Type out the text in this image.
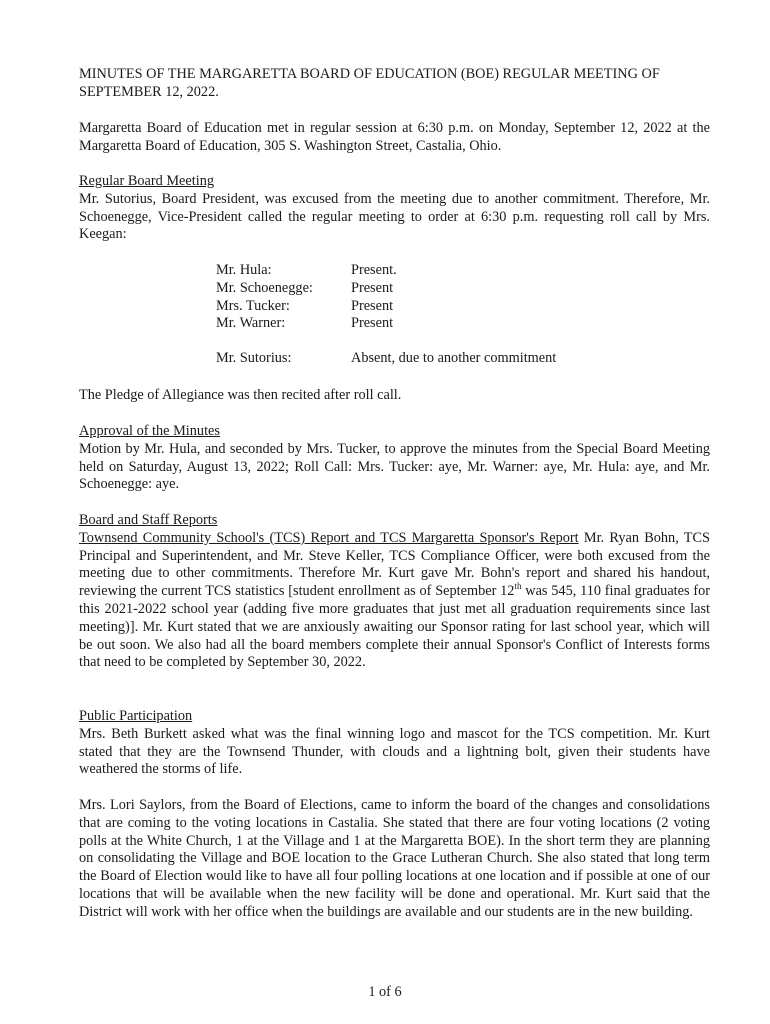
MINUTES OF THE MARGARETTA BOARD OF EDUCATION (BOE) REGULAR MEETING OF SEPTEMBER 12, 2022.

Margaretta Board of Education met in regular session at 6:30 p.m. on Monday, September 12, 2022 at the Margaretta Board of Education, 305 S. Washington Street, Castalia, Ohio.

Regular Board Meeting
Mr. Sutorius, Board President, was excused from the meeting due to another commitment. Therefore, Mr. Schoenegge, Vice-President called the regular meeting to order at 6:30 p.m. requesting roll call by Mrs. Keegan:
Mr. Hula:	Present.
Mr. Schoenegge:	Present
Mrs. Tucker:	Present
Mr. Warner:	Present
Mr. Sutorius:	Absent, due to another commitment

The Pledge of Allegiance was then recited after roll call.

Approval of the Minutes
Motion by Mr. Hula, and seconded by Mrs. Tucker, to approve the minutes from the Special Board Meeting held on Saturday, August 13, 2022; Roll Call: Mrs. Tucker: aye, Mr. Warner: aye, Mr. Hula: aye, and Mr. Schoenegge: aye.
Board and Staff Reports
Townsend Community School's (TCS) Report and TCS Margaretta Sponsor's Report Mr. Ryan Bohn, TCS Principal and Superintendent, and Mr. Steve Keller, TCS Compliance Officer, were both excused from the meeting due to other commitments. Therefore Mr. Kurt gave Mr. Bohn's report and shared his handout, reviewing the current TCS statistics [student enrollment as of September 12th was 545, 110 final graduates for this 2021-2022 school year (adding five more graduates that just met all graduation requirements since last meeting)]. Mr. Kurt stated that we are anxiously awaiting our Sponsor rating for last school year, which will be out soon. We also had all the board members complete their annual Sponsor's Conflict of Interests forms that need to be completed by September 30, 2022.
Public Participation
Mrs. Beth Burkett asked what was the final winning logo and mascot for the TCS competition. Mr. Kurt stated that they are the Townsend Thunder, with clouds and a lightning bolt, given their students have weathered the storms of life.

Mrs. Lori Saylors, from the Board of Elections, came to inform the board of the changes and consolidations that are coming to the voting locations in Castalia. She stated that there are four voting locations (2 voting polls at the White Church, 1 at the Village and 1 at the Margaretta BOE). In the short term they are planning on consolidating the Village and BOE location to the Grace Lutheran Church. She also stated that long term the Board of Election would like to have all four polling locations at one location and if possible at one of our locations that will be available when the new facility will be done and operational. Mr. Kurt said that the District will work with her office when the buildings are available and our students are in the new building.

1 of 6
